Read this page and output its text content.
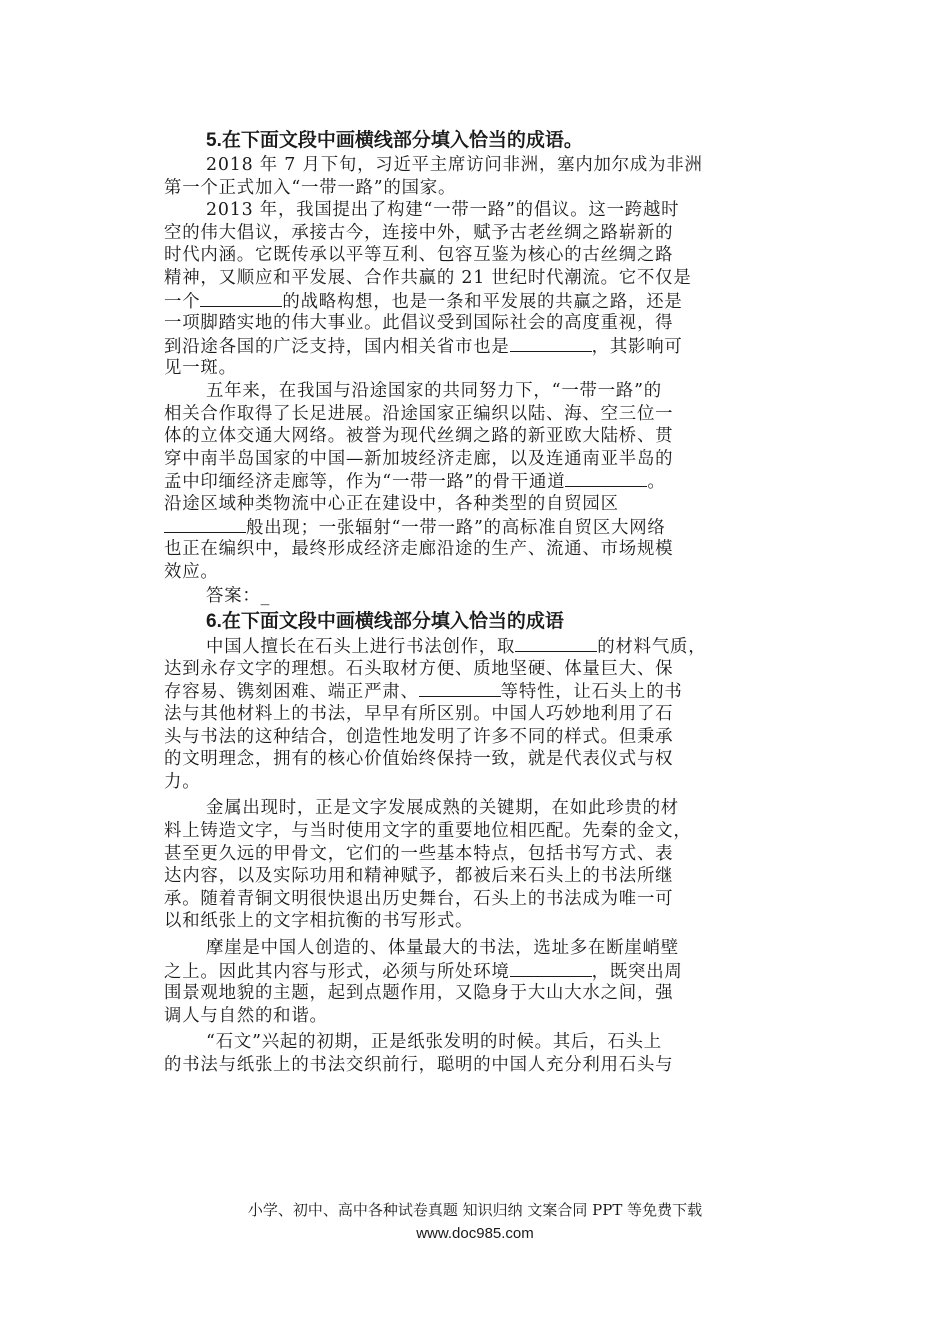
5.在下面文段中画横线部分填入恰当的成语。
2018 年 7 月下旬，习近平主席访问非洲，塞内加尔成为非洲
第一个正式加入“一带一路”的国家。
2013 年，我国提出了构建“一带一路”的倡议。这一跨越时
空的伟大倡议，承接古今，连接中外，赋予古老丝绸之路崭新的
时代内涵。它既传承以平等互利、包容互鉴为核心的古丝绸之路
精神，又顺应和平发展、合作共赢的 21 世纪时代潮流。它不仅是
一个	的战略构想，也是一条和平发展的共赢之路，还是
一项脚踏实地的伟大事业。此倡议受到国际社会的高度重视，得
到沿途各国的广泛支持，国内相关省市也是	，其影响可
见一斑。
五年来，在我国与沿途国家的共同努力下，“一带一路”的
相关合作取得了长足进展。沿途国家正编织以陆、海、空三位一
体的立体交通大网络。被誉为现代丝绸之路的新亚欧大陆桥、贯
穿中南半岛国家的中国—新加坡经济走廊，以及连通南亚半岛的
孟中印缅经济走廊等，作为“一带一路”的骨干通道	。
沿途区域种类物流中心正在建设中，各种类型的自贸园区
般出现；一张辐射“一带一路”的高标准自贸区大网络
也正在编织中，最终形成经济走廊沿途的生产、流通、市场规模
效应。
答案：_
6.在下面文段中画横线部分填入恰当的成语
中国人擅长在石头上进行书法创作，取	的材料气质，
达到永存文字的理想。石头取材方便、质地坚硬、体量巨大、保
存容易、镌刻困难、端正严肃、	等特性，让石头上的书
法与其他材料上的书法，早早有所区别。中国人巧妙地利用了石
头与书法的这种结合，创造性地发明了许多不同的样式。但秉承
的文明理念，拥有的核心价值始终保持一致，就是代表仪式与权
力。
金属出现时，正是文字发展成熟的关键期，在如此珍贵的材
料上铸造文字，与当时使用文字的重要地位相匹配。先秦的金文，
甚至更久远的甲骨文，它们的一些基本特点，包括书写方式、表
达内容，以及实际功用和精神赋予，都被后来石头上的书法所继
承。随着青铜文明很快退出历史舞台，石头上的书法成为唯一可
以和纸张上的文字相抗衡的书写形式。
摩崖是中国人创造的、体量最大的书法，选址多在断崖峭壁
之上。因此其内容与形式，必须与所处环境	，既突出周
围景观地貌的主题，起到点题作用，又隐身于大山大水之间，强
调人与自然的和谐。
“石文”兴起的初期，正是纸张发明的时候。其后，石头上
的书法与纸张上的书法交织前行，聪明的中国人充分利用石头与
小学、初中、高中各种试卷真题 知识归纳 文案合同 PPT 等免费下载
www.doc985.com
